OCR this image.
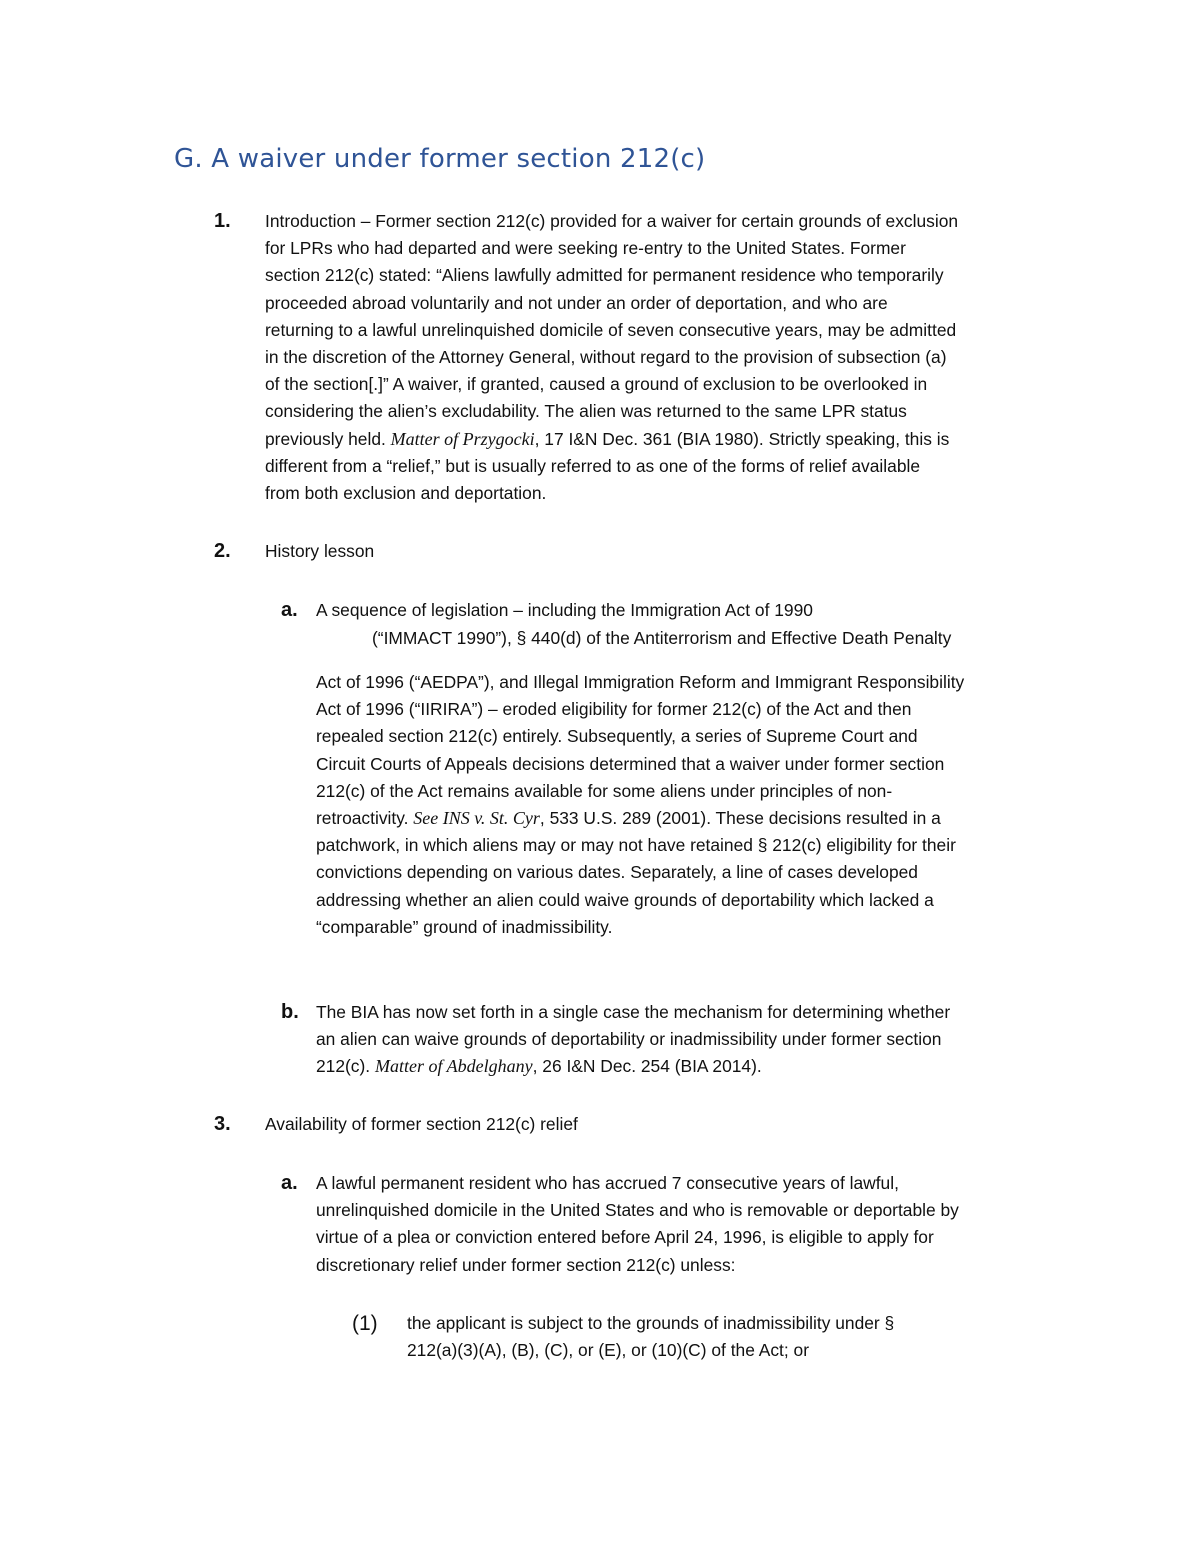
G. A waiver under former section 212(c)
1. Introduction – Former section 212(c) provided for a waiver for certain grounds of exclusion
for LPRs who had departed and were seeking re-entry to the United States. Former
section 212(c) stated: “Aliens lawfully admitted for permanent residence who temporarily
proceeded abroad voluntarily and not under an order of deportation, and who are
returning to a lawful unrelinquished domicile of seven consecutive years, may be admitted
in the discretion of the Attorney General, without regard to the provision of subsection (a)
of the section[.]” A waiver, if granted, caused a ground of exclusion to be overlooked in
considering the alien’s excludability. The alien was returned to the same LPR status
previously held. Matter of Przygocki, 17 I&N Dec. 361 (BIA 1980). Strictly speaking, this is
different from a “relief,” but is usually referred to as one of the forms of relief available
from both exclusion and deportation.
2. History lesson
a. A sequence of legislation – including the Immigration Act of 1990
(“IMMACT 1990”), § 440(d) of the Antiterrorism and Effective Death Penalty
Act of 1996 (“AEDPA”), and Illegal Immigration Reform and Immigrant Responsibility
Act of 1996 (“IIRIRA”) – eroded eligibility for former 212(c) of the Act and then
repealed section 212(c) entirely. Subsequently, a series of Supreme Court and
Circuit Courts of Appeals decisions determined that a waiver under former section
212(c) of the Act remains available for some aliens under principles of non-
retroactivity. See INS v. St. Cyr, 533 U.S. 289 (2001). These decisions resulted in a
patchwork, in which aliens may or may not have retained § 212(c) eligibility for their
convictions depending on various dates. Separately, a line of cases developed
addressing whether an alien could waive grounds of deportability which lacked a
“comparable” ground of inadmissibility.
b. The BIA has now set forth in a single case the mechanism for determining whether
an alien can waive grounds of deportability or inadmissibility under former section
212(c). Matter of Abdelghany, 26 I&N Dec. 254 (BIA 2014).
3. Availability of former section 212(c) relief
a. A lawful permanent resident who has accrued 7 consecutive years of lawful,
unrelinquished domicile in the United States and who is removable or deportable by
virtue of a plea or conviction entered before April 24, 1996, is eligible to apply for
discretionary relief under former section 212(c) unless:
(1) the applicant is subject to the grounds of inadmissibility under §
212(a)(3)(A), (B), (C), or (E), or (10)(C) of the Act; or
